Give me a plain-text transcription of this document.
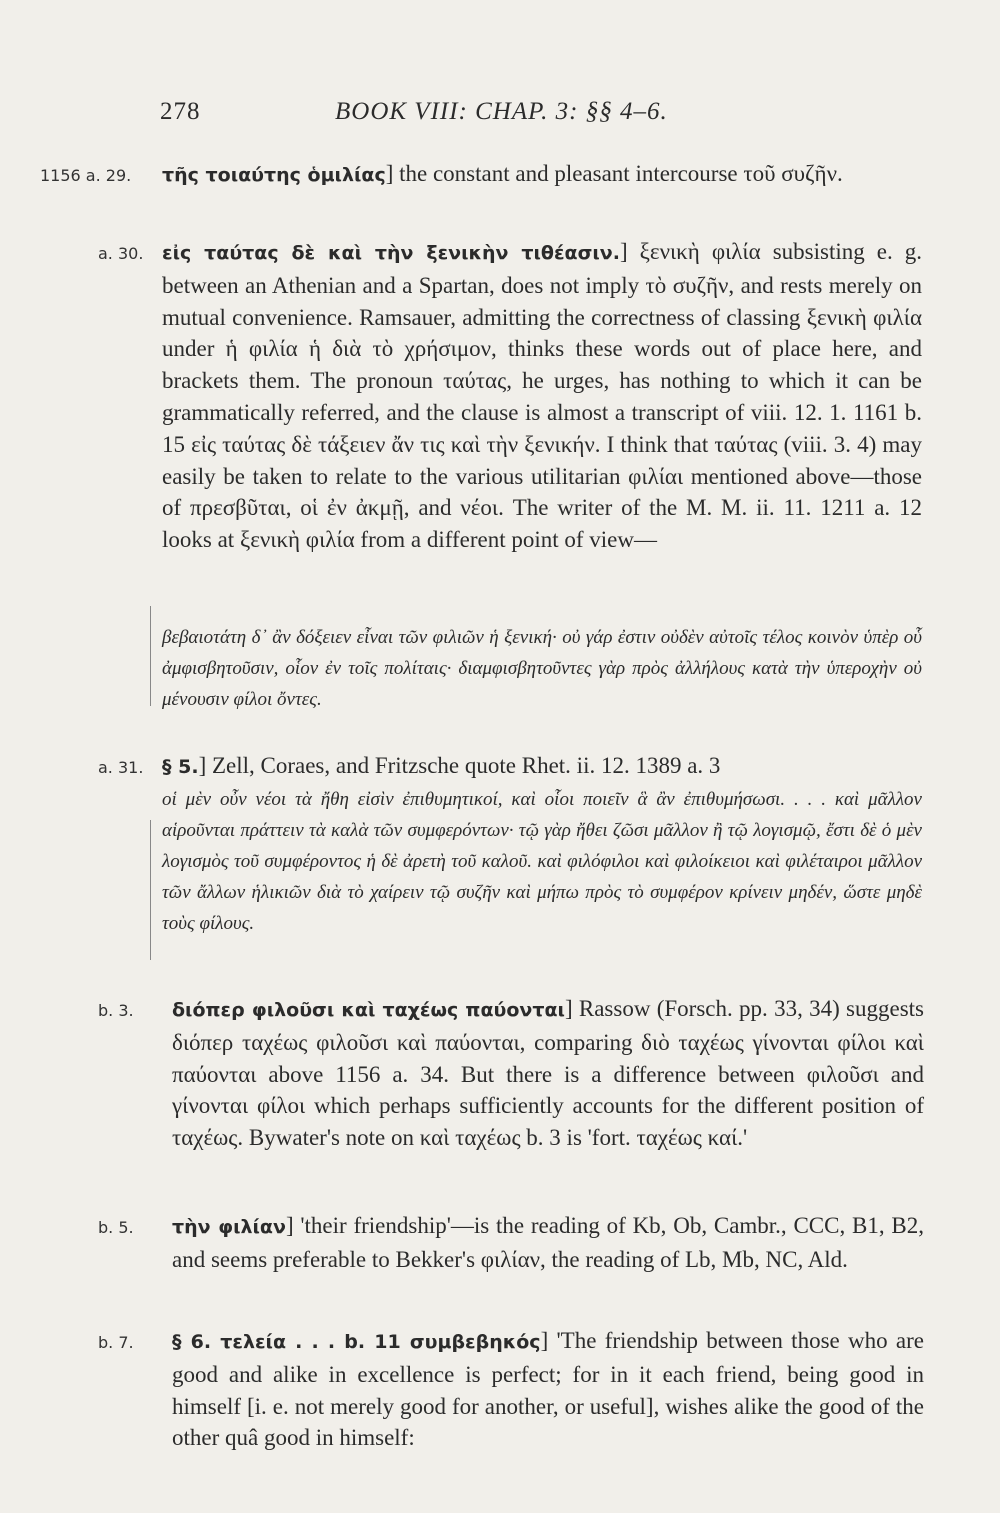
278	BOOK VIII: CHAP. 3: §§ 4–6.
1156 a. 29. τῆς τοιαύτης ὁμιλίας] the constant and pleasant intercourse τοῦ συζῆν.
a. 30. εἰς ταύτας δὲ καὶ τὴν ξενικὴν τιθέασιν.] ξενικὴ φιλία subsisting e. g. between an Athenian and a Spartan, does not imply τὸ συζῆν, and rests merely on mutual convenience. Ramsauer, admitting the correctness of classing ξενικὴ φιλία under ἡ φιλία ἡ διὰ τὸ χρήσιμον, thinks these words out of place here, and brackets them. The pronoun ταύτας, he urges, has nothing to which it can be grammatically referred, and the clause is almost a transcript of viii. 12. 1. 1161 b. 15 εἰς ταύτας δὲ τάξειεν ἄν τις καὶ τὴν ξενικήν. I think that ταύτας (viii. 3. 4) may easily be taken to relate to the various utilitarian φιλίαι mentioned above—those of πρεσβῦται, οἱ ἐν ἀκμῇ, and νέοι. The writer of the M. M. ii. 11. 1211 a. 12 looks at ξενικὴ φιλία from a different point of view—
βεβαιοτάτη δ᾽ ἂν δόξειεν εἶναι τῶν φιλιῶν ἡ ξενική· οὐ γάρ ἐστιν οὐδὲν αὐτοῖς τέλος κοινὸν ὑπὲρ οὗ ἀμφισβητοῦσιν, οἷον ἐν τοῖς πολίταις· διαμφισβητοῦντες γὰρ πρὸς ἀλλήλους κατὰ τὴν ὑπεροχὴν οὐ μένουσιν φίλοι ὄντες.
a. 31. § 5.] Zell, Coraes, and Fritzsche quote Rhet. ii. 12. 1389 a. 3
οἱ μὲν οὖν νέοι τὰ ἤθη εἰσὶν ἐπιθυμητικοί, καὶ οἷοι ποιεῖν ἃ ἂν ἐπιθυμήσωσι. . . . καὶ μᾶλλον αἱροῦνται πράττειν τὰ καλὰ τῶν συμφερόντων· τῷ γὰρ ἤθει ζῶσι μᾶλλον ἢ τῷ λογισμῷ, ἔστι δὲ ὁ μὲν λογισμὸς τοῦ συμφέροντος ἡ δὲ ἀρετὴ τοῦ καλοῦ. καὶ φιλόφιλοι καὶ φιλοίκειοι καὶ φιλέταιροι μᾶλλον τῶν ἄλλων ἡλικιῶν διὰ τὸ χαίρειν τῷ συζῆν καὶ μήπω πρὸς τὸ συμφέρον κρίνειν μηδέν, ὥστε μηδὲ τοὺς φίλους.
b. 3. διόπερ φιλοῦσι καὶ ταχέως παύονται] Rassow (Forsch. pp. 33, 34) suggests διόπερ ταχέως φιλοῦσι καὶ παύονται, comparing διὸ ταχέως γίνονται φίλοι καὶ παύονται above 1156 a. 34. But there is a difference between φιλοῦσι and γίνονται φίλοι which perhaps sufficiently accounts for the different position of ταχέως. Bywater's note on καὶ ταχέως b. 3 is 'fort. ταχέως καί.'
b. 5. τὴν φιλίαν] 'their friendship'—is the reading of Kb, Ob, Cambr., CCC, B1, B2, and seems preferable to Bekker's φιλίαν, the reading of Lb, Mb, NC, Ald.
b. 7. § 6. τελεία . . . b. 11 συμβεβηκός] 'The friendship between those who are good and alike in excellence is perfect; for in it each friend, being good in himself [i. e. not merely good for another, or useful], wishes alike the good of the other quâ good in himself:
